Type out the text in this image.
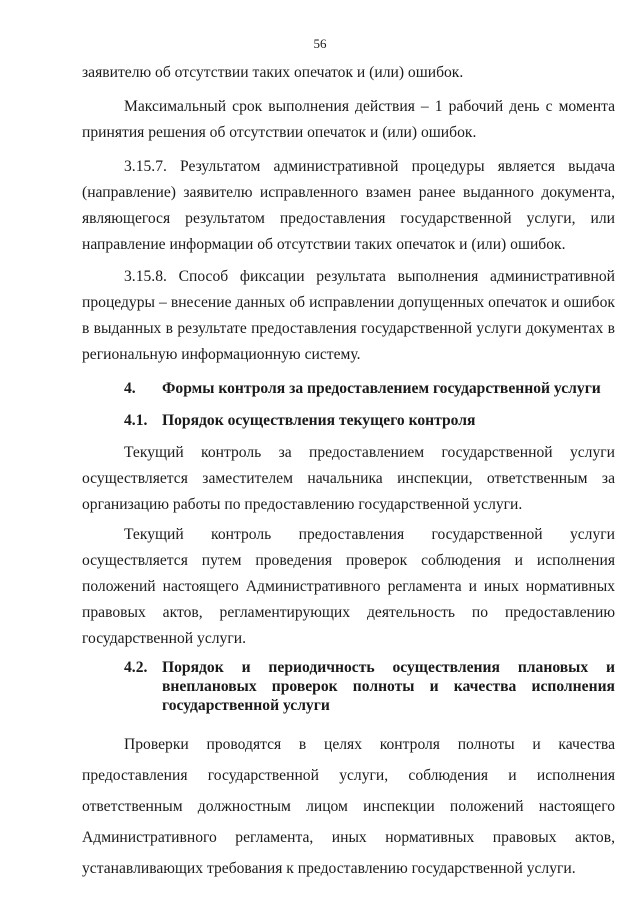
56

заявителю об отсутствии таких опечаток и (или) ошибок.

Максимальный срок выполнения действия – 1 рабочий день с момента принятия решения об отсутствии опечаток и (или) ошибок.

3.15.7. Результатом административной процедуры является выдача (направление) заявителю исправленного взамен ранее выданного документа, являющегося результатом предоставления государственной услуги, или направление информации об отсутствии таких опечаток и (или) ошибок.

3.15.8. Способ фиксации результата выполнения административной процедуры – внесение данных об исправлении допущенных опечаток и ошибок в выданных в результате предоставления государственной услуги документах в региональную информационную систему.

4.	Формы контроля за предоставлением государственной услуги
4.1. Порядок осуществления текущего контроля

Текущий контроль за предоставлением государственной услуги осуществляется заместителем начальника инспекции, ответственным за организацию работы по предоставлению государственной услуги.

Текущий контроль предоставления государственной услуги осуществляется путем проведения проверок соблюдения и исполнения положений настоящего Административного регламента и иных нормативных правовых актов, регламентирующих деятельность по предоставлению государственной услуги.

4.2. Порядок и периодичность осуществления плановых и внеплановых проверок полноты и качества исполнения государственной услуги

Проверки проводятся в целях контроля полноты и качества предоставления государственной услуги, соблюдения и исполнения ответственным должностным лицом инспекции положений настоящего Административного регламента, иных нормативных правовых актов, устанавливающих требования к предоставлению государственной услуги.
